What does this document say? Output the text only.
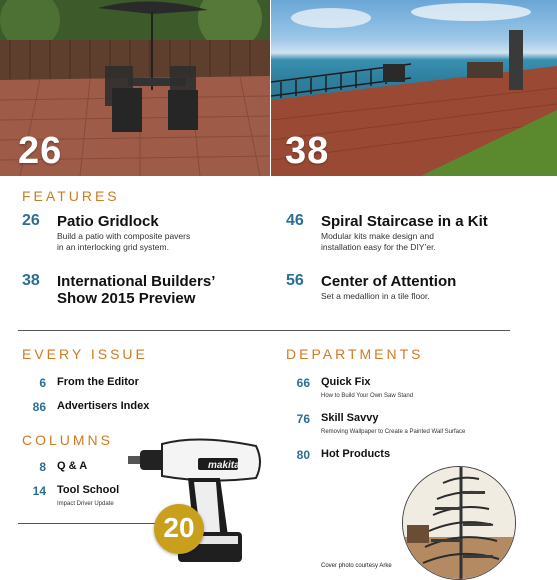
26	38
FEATURES
26 Patio Gridlock
Build a patio with composite pavers
in an interlocking grid system.
38 International Builders’
Show 2015 Preview
46 Spiral Staircase in a Kit
Modular kits make design and
installation easy for the DIY’er.
56 Center of Attention
Set a medallion in a tile floor.
EVERY ISSUE
6 From the Editor
86 Advertisers Index
COLUMNS
8 Q & A
14 Tool School
Impact Driver Update
DEPARTMENTS
66 Quick Fix
How to Build Your Own Saw Stand
76 Skill Savvy
Removing Wallpaper to Create a Painted Wall Surface
80 Hot Products
makita
20
Cover photo courtesy Arke
